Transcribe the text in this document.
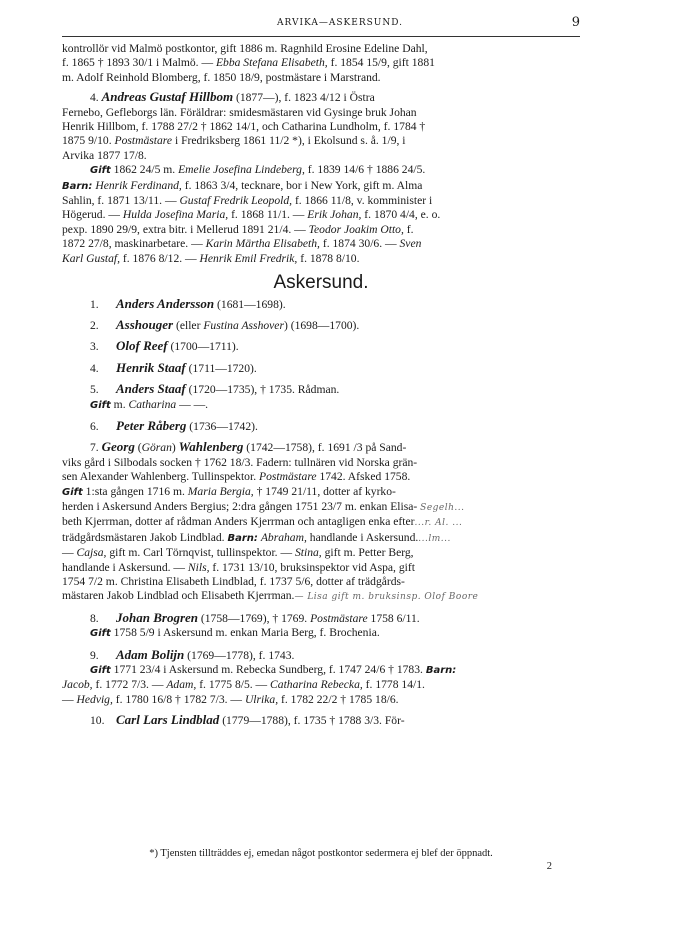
ARVIKA—ASKERSUND.	9

kontrollör vid Malmö postkontor, gift 1886 m. Ragnhild Erosine Edeline Dahl,
f. 1865 † 1893 30/1 i Malmö. — Ebba Stefana Elisabeth, f. 1854 15/9, gift 1881
m. Adolf Reinhold Blomberg, f. 1850 18/9, postmästare i Marstrand.

4. Andreas Gustaf Hillbom (1877—), f. 1823 4/12 i Östra
Fernebo, Gefleborgs län. Föräldrar: smidesmästaren vid Gysinge bruk Johan
Henrik Hillbom, f. 1788 27/2 † 1862 14/1, och Catharina Lundholm, f. 1784 †
1875 9/10. Postmästare i Fredriksberg 1861 11/2 *), i Ekolsund s. å. 1/9, i
Arvika 1877 17/8.

Gift 1862 24/5 m. Emelie Josefina Lindeberg, f. 1839 14/6 † 1886 24/5.
Barn: Henrik Ferdinand, f. 1863 3/4, tecknare, bor i New York, gift m. Alma
Sahlin, f. 1871 13/11. — Gustaf Fredrik Leopold, f. 1866 11/8, v. komminister i
Högerud. — Hulda Josefina Maria, f. 1868 11/1. — Erik Johan, f. 1870 4/4, e. o.
pexp. 1890 29/9, extra bitr. i Mellerud 1891 21/4. — Teodor Joakim Otto, f.
1872 27/8, maskinarbetare. — Karin Märtha Elisabeth, f. 1874 30/6. — Sven
Karl Gustaf, f. 1876 8/12. — Henrik Emil Fredrik, f. 1878 8/10.

Askersund.

1. Anders Andersson (1681—1698).

2. Asshouger (eller Fustina Asshover) (1698—1700).

3. Olof Reef (1700—1711).

4. Henrik Staaf (1711—1720).

5. Anders Staaf (1720—1735), † 1735. Rådman.

Gift m. Catharina — —.

6. Peter Råberg (1736—1742).

7. Georg (Göran) Wahlenberg (1742—1758), f. 1691 /3 på Sand-
viks gård i Silbodals socken † 1762 18/3. Fadern: tullnären vid Norska grän-
sen Alexander Wahlenberg. Tullinspektor. Postmästare 1742. Afsked 1758.
Gift 1:sta gången 1716 m. Maria Bergia, † 1749 21/11, dotter af kyrko-
herden i Askersund Anders Bergius; 2:dra gången 1751 23/7 m. enkan Elisa- Segelh...
beth Kjerrman, dotter af rådman Anders Kjerrman och antagligen enka efter...r. Al. ...
trädgårdsmästaren Jakob Lindblad. Barn: Abraham, handlande i Askersund....lm...
— Cajsa, gift m. Carl Törnqvist, tullinspektor. — Stina, gift m. Petter Berg,
handlande i Askersund. — Nils, f. 1731 13/10, bruksinspektor vid Aspa, gift
1754 7/2 m. Christina Elisabeth Lindblad, f. 1737 5/6, dotter af trädgårds-
mästaren Jakob Lindblad och Elisabeth Kjerrman.— Lisa gift m. bruksinsp. Olof Boore

8. Johan Brogren (1758—1769), † 1769. Postmästare 1758 6/11.

Gift 1758 5/9 i Askersund m. enkan Maria Berg, f. Brochenia.

9. Adam Bolijn (1769—1778), f. 1743.

Gift 1771 23/4 i Askersund m. Rebecka Sundberg, f. 1747 24/6 † 1783. Barn:
Jacob, f. 1772 7/3. — Adam, f. 1775 8/5. — Catharina Rebecka, f. 1778 14/1.
— Hedvig, f. 1780 16/8 † 1782 7/3. — Ulrika, f. 1782 22/2 † 1785 18/6.

10. Carl Lars Lindblad (1779—1788), f. 1735 † 1788 3/3. För-

*) Tjensten tillträddes ej, emedan något postkontor sedermera ej blef der öppnadt.
2
